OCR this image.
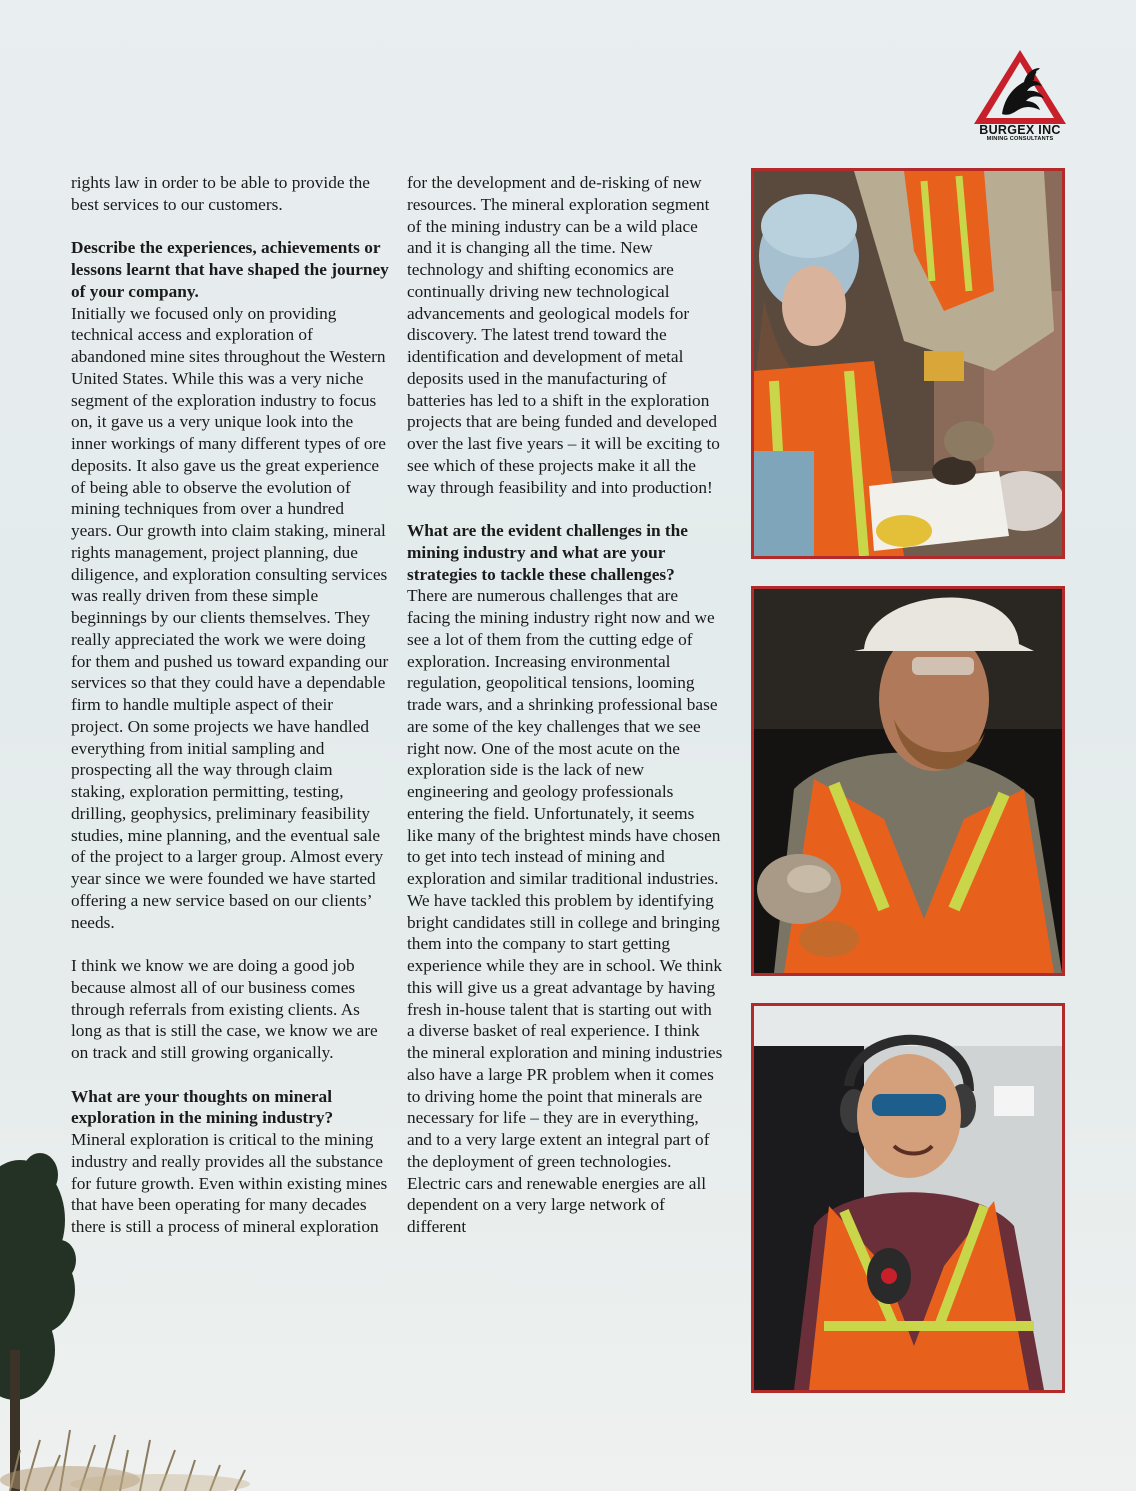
BURGEX INC
MINING CONSULTANTS

rights law in order to be able to provide the best services to our customers.

Describe the experiences, achievements or lessons learnt that have shaped the journey of your company.

Initially we focused only on providing technical access and exploration of abandoned mine sites throughout the Western United States. While this was a very niche segment of the exploration industry to focus on, it gave us a very unique look into the inner workings of many different types of ore deposits. It also gave us the great experience of being able to observe the evolution of mining techniques from over a hundred years. Our growth into claim staking, mineral rights management, project planning, due diligence, and exploration consulting services was really driven from these simple beginnings by our clients themselves. They really appreciated the work we were doing for them and pushed us toward expanding our services so that they could have a dependable firm to handle multiple aspect of their project. On some projects we have handled everything from initial sampling and prospecting all the way through claim staking, exploration permitting, testing, drilling, geophysics, preliminary feasibility studies, mine planning, and the eventual sale of the project to a larger group. Almost every year since we were founded we have started offering a new service based on our clients’ needs.

I think we know we are doing a good job because almost all of our business comes through referrals from existing clients. As long as that is still the case, we know we are on track and still growing organically.

What are your thoughts on mineral exploration in the mining industry?

Mineral exploration is critical to the mining industry and really provides all the substance for future growth. Even within existing mines that have been operating for many decades there is still a process of mineral exploration

for the development and de-risking of new resources. The mineral exploration segment of the mining industry can be a wild place and it is changing all the time. New technology and shifting economics are continually driving new technological advancements and geological models for discovery. The latest trend toward the identification and development of metal deposits used in the manufacturing of batteries has led to a shift in the exploration projects that are being funded and developed over the last five years – it will be exciting to see which of these projects make it all the way through feasibility and into production!

What are the evident challenges in the mining industry and what are your strategies to tackle these challenges?

There are numerous challenges that are facing the mining industry right now and we see a lot of them from the cutting edge of exploration. Increasing environmental regulation, geopolitical tensions, looming trade wars, and a shrinking professional base are some of the key challenges that we see right now. One of the most acute on the exploration side is the lack of new engineering and geology professionals entering the field. Unfortunately, it seems like many of the brightest minds have chosen to get into tech instead of mining and exploration and similar traditional industries. We have tackled this problem by identifying bright candidates still in college and bringing them into the company to start getting experience while they are in school. We think this will give us a great advantage by having fresh in-house talent that is starting out with a diverse basket of real experience. I think the mineral exploration and mining industries also have a large PR problem when it comes to driving home the point that minerals are necessary for life – they are in everything, and to a very large extent an integral part of the deployment of green technologies. Electric cars and renewable energies are all dependent on a very large network of different
